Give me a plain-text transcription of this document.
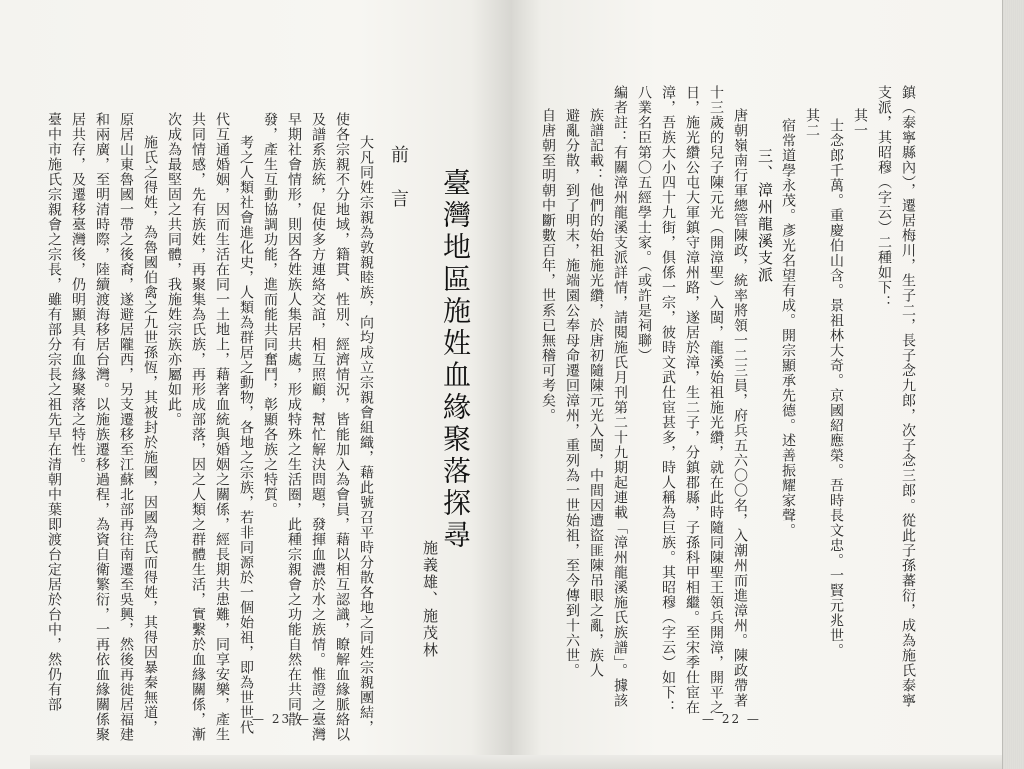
臺灣地區施姓血緣聚落探尋
前言
施義雄、施茂林
大凡同姓宗親為敦親睦族，向均成立宗親會組織，藉此號召平時分散各地之同姓宗親團結，
使各宗親不分地域，籍貫、性別、經濟情況，皆能加入為會員，藉以相互認識，瞭解血緣脈絡以
及譜系族統，促使多方連絡交誼，相互照顧，幫忙解決問題，發揮血濃於水之族情。惟證之臺灣
早期社會情形，則因各姓族人集居共處，形成特殊之生活圈，此種宗親會之功能自然在共同散
發，產生互動協調功能，進而能共同奮鬥，彰顯各族之特質。
考之人類社會進化史，人類為群居之動物，各地之宗族，若非同源於一個始祖，即為世世代
代互通婚姻，因而生活在同一土地上，藉著血統與婚姻之關係，經長期共患難，同享安樂，產生
共同情感，先有族姓，再聚集為氏族，再形成部落，因之人類之群體生活，實繫於血緣關係，漸
次成為最堅固之共同體，我施姓宗族亦屬如此。
施氏之得姓，為魯國伯禽之九世孫恆，其被封於施國，因國為氏而得姓，其得因暴秦無道，
原居山東魯國一帶之後裔，遂避居隴西，另支遷移至江蘇北部再往南遷至吳興，然後再徙居福建
和兩廣，至明清時際，陸續渡海移居台灣。以施族遷移過程，為資自衛繁衍，一再依血緣關係聚
居共存，及遷移臺灣後，仍明顯具有血緣聚落之特性。
臺中市施氏宗親會之宗長，雖有部分宗長之祖先早在清朝中葉即渡台定居於台中，然仍有部
— 23 —
鎮（泰寧縣內），遷居梅川，生子二，長子念九郎，次子念三郎。從此子孫蕃衍，成為施氏泰寧
支派，其昭穆（字云）二種如下：
其一
士念郎千萬。重慶伯山含。景祖林大奇。京國紹應榮。吾時長文忠。一賢元兆世。
其二
宿常道學永茂。彥光名望有成。開宗顯承先德。述善振耀家聲。
三、漳州龍溪支派
唐朝嶺南行軍總管陳政，統率將領一二三員，府兵五六〇〇名，入潮州而進漳州。陳政帶著
十三歲的兒子陳元光（開漳聖）入閩，龍溪始祖施光纘，就在此時隨同陳聖王領兵開漳，開平之
日，施光纘公屯大軍鎮守漳州路，遂居於漳，生二子，分鎮郡縣，子孫科甲相繼。至宋季仕宦在
漳，吾族大小四十九街，俱係一宗，彼時文武仕宦甚多，時人稱為巨族。其昭穆（字云）如下：
八業名臣第〇五經學士家。（或許是祠聯）
編者註：有關漳州龍溪支派詳情，請閱施氏月刊第二十九期起連載「漳州龍溪施氏族譜」。據該
族譜記載：他們的始祖施光纘，於唐初隨陳元光入閩，中間因遭盜匪陳吊眼之亂，族人
避亂分散，到了明末，施端園公奉母命遷回漳州，重列為一世始祖，至今傳到十六世。
自唐朝至明朝中斷數百年，世系已無稽可考矣。
— 22 —
